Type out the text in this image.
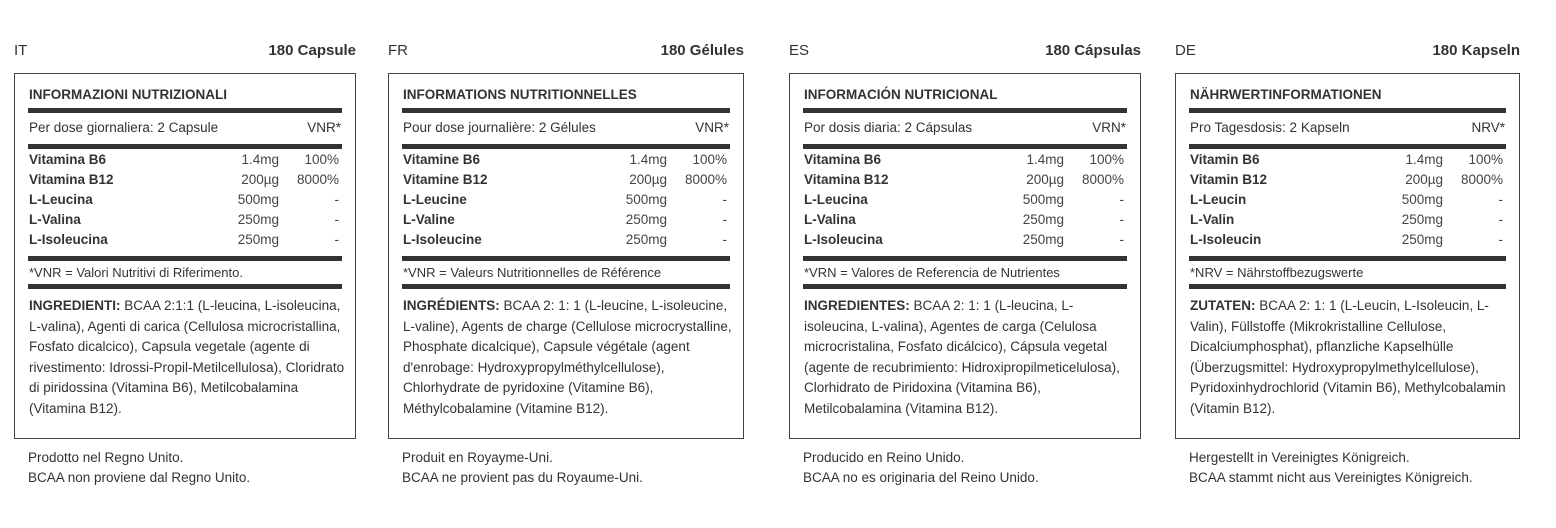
IT	180 Capsule
INFORMAZIONI NUTRIZIONALI
Per dose giornaliera: 2 Capsule	VNR*
Vitamina B6	1.4mg 100%
Vitamina B12	200µg 8000%
L-Leucina	500mg	-
L-Valina	250mg	-
L-Isoleucina	250mg	-
*VNR = Valori Nutritivi di Riferimento.
INGREDIENTI: BCAA 2:1:1 (L-leucina, L-isoleucina, L-valina), Agenti di carica (Cellulosa microcristallina, Fosfato dicalcico), Capsula vegetale (agente di rivestimento: Idrossi-Propil-Metilcellulosa), Cloridrato di piridossina (Vitamina B6), Metilcobalamina (Vitamina B12).
Prodotto nel Regno Unito.
BCAA non proviene dal Regno Unito.
FR	180 Gélules
INFORMATIONS NUTRITIONNELLES
Pour dose journalière: 2 Gélules	VNR*
Vitamine B6	1.4mg 100%
Vitamine B12	200µg 8000%
L-Leucine	500mg	-
L-Valine	250mg	-
L-Isoleucine	250mg	-
*VNR = Valeurs Nutritionnelles de Référence
INGRÉDIENTS: BCAA 2: 1: 1 (L-leucine, L-isoleucine, L-valine), Agents de charge (Cellulose microcrystalline, Phosphate dicalcique), Capsule végétale (agent d'enrobage: Hydroxypropylméthylcellulose), Chlorhydrate de pyridoxine (Vitamine B6), Méthylcobalamine (Vitamine B12).
Produit en Royayme-Uni.
BCAA ne provient pas du Royaume-Uni.
ES	180 Cápsulas
INFORMACIÓN NUTRICIONAL
Por dosis diaria: 2 Cápsulas	VRN*
Vitamina B6	1.4mg 100%
Vitamina B12	200µg 8000%
L-Leucina	500mg	-
L-Valina	250mg	-
L-Isoleucina	250mg	-
*VRN = Valores de Referencia de Nutrientes
INGREDIENTES: BCAA 2: 1: 1 (L-leucina, L-isoleucina, L-valina), Agentes de carga (Celulosa microcristalina, Fosfato dicálcico), Cápsula vegetal (agente de recubrimiento: Hidroxipropilmeticelulosa), Clorhidrato de Piridoxina (Vitamina B6), Metilcobalamina (Vitamina B12).
Producido en Reino Unido.
BCAA no es originaria del Reino Unido.
DE	180 Kapseln
NÄHRWERTINFORMATIONEN
Pro Tagesdosis: 2 Kapseln	NRV*
Vitamin B6	1.4mg 100%
Vitamin B12	200µg 8000%
L-Leucin	500mg	-
L-Valin	250mg	-
L-Isoleucin	250mg	-
*NRV = Nährstoffbezugswerte
ZUTATEN: BCAA 2: 1: 1 (L-Leucin, L-Isoleucin, L-Valin), Füllstoffe (Mikrokristalline Cellulose, Dicalciumphosphat), pflanzliche Kapselhülle (Überzugsmittel: Hydroxypropylmethylcellulose), Pyridoxinhydrochlorid (Vitamin B6), Methylcobalamin (Vitamin B12).
Hergestellt in Vereinigtes Königreich.
BCAA stammt nicht aus Vereinigtes Königreich.
